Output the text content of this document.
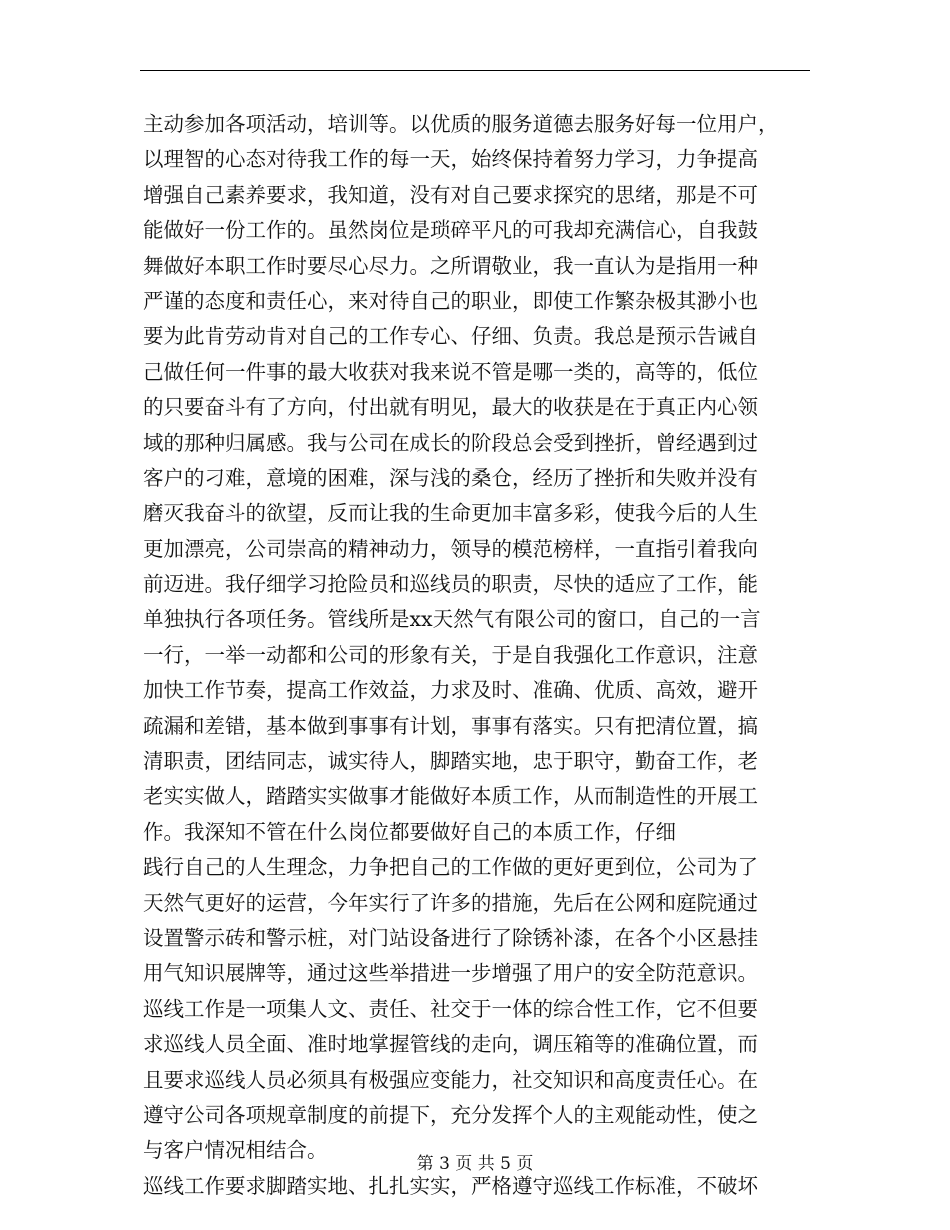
主动参加各项活动，培训等。以优质的服务道德去服务好每一位用户，
以理智的心态对待我工作的每一天，始终保持着努力学习，力争提高
增强自己素养要求，我知道，没有对自己要求探究的思绪，那是不可
能做好一份工作的。虽然岗位是琐碎平凡的可我却充满信心，自我鼓
舞做好本职工作时要尽心尽力。之所谓敬业，我一直认为是指用一种
严谨的态度和责任心，来对待自己的职业，即使工作繁杂极其渺小也
要为此肯劳动肯对自己的工作专心、仔细、负责。我总是预示告诫自
己做任何一件事的最大收获对我来说不管是哪一类的，高等的，低位
的只要奋斗有了方向，付出就有明见，最大的收获是在于真正内心领
域的那种归属感。我与公司在成长的阶段总会受到挫折，曾经遇到过
客户的刁难，意境的困难，深与浅的桑仓，经历了挫折和失败并没有
磨灭我奋斗的欲望，反而让我的生命更加丰富多彩，使我今后的人生
更加漂亮，公司崇高的精神动力，领导的模范榜样，一直指引着我向
前迈进。我仔细学习抢险员和巡线员的职责，尽快的适应了工作，能
单独执行各项任务。管线所是xx天然气有限公司的窗口，自己的一言
一行，一举一动都和公司的形象有关，于是自我强化工作意识，注意
加快工作节奏，提高工作效益，力求及时、准确、优质、高效，避开
疏漏和差错，基本做到事事有计划，事事有落实。只有把清位置，搞
清职责，团结同志，诚实待人，脚踏实地，忠于职守，勤奋工作，老
老实实做人，踏踏实实做事才能做好本质工作，从而制造性的开展工
作。我深知不管在什么岗位都要做好自己的本质工作，仔细
践行自己的人生理念，力争把自己的工作做的更好更到位，公司为了
天然气更好的运营，今年实行了许多的措施，先后在公网和庭院通过
设置警示砖和警示桩，对门站设备进行了除锈补漆，在各个小区悬挂
用气知识展牌等，通过这些举措进一步增强了用户的安全防范意识。
巡线工作是一项集人文、责任、社交于一体的综合性工作，它不但要
求巡线人员全面、准时地掌握管线的走向，调压箱等的准确位置，而
且要求巡线人员必须具有极强应变能力，社交知识和高度责任心。在
遵守公司各项规章制度的前提下，充分发挥个人的主观能动性，使之
与客户情况相结合。
巡线工作要求脚踏实地、扎扎实实，严格遵守巡线工作标准，不破坏
第 3 页 共 5 页
